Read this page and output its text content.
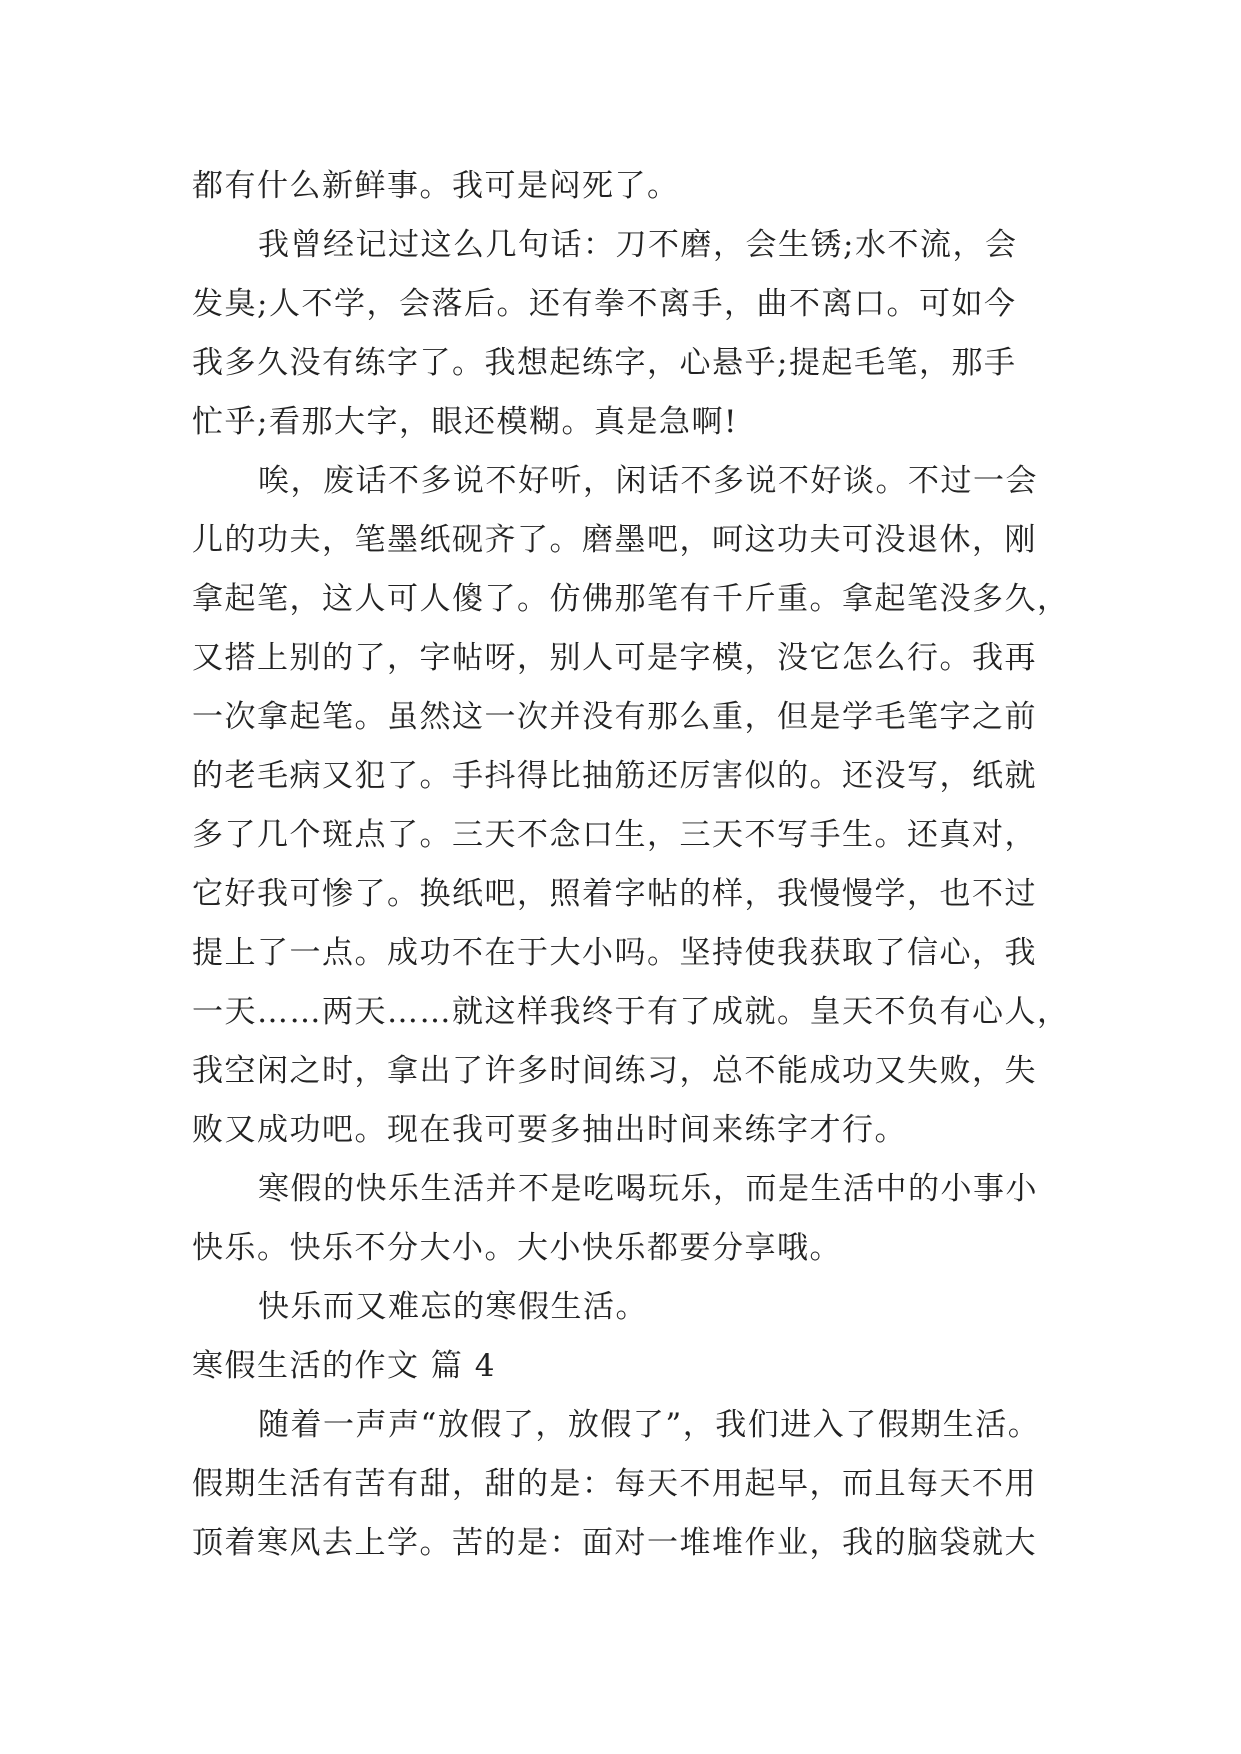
都有什么新鲜事。我可是闷死了。
我曾经记过这么几句话：刀不磨，会生锈;水不流，会
发臭;人不学，会落后。还有拳不离手，曲不离口。可如今
我多久没有练字了。我想起练字，心悬乎;提起毛笔，那手
忙乎;看那大字，眼还模糊。真是急啊!
唉，废话不多说不好听，闲话不多说不好谈。不过一会
儿的功夫，笔墨纸砚齐了。磨墨吧，呵这功夫可没退休，刚
拿起笔，这人可人傻了。仿佛那笔有千斤重。拿起笔没多久，
又搭上别的了，字帖呀，别人可是字模，没它怎么行。我再
一次拿起笔。虽然这一次并没有那么重，但是学毛笔字之前
的老毛病又犯了。手抖得比抽筋还厉害似的。还没写，纸就
多了几个斑点了。三天不念口生，三天不写手生。还真对，
它好我可惨了。换纸吧，照着字帖的样，我慢慢学，也不过
提上了一点。成功不在于大小吗。坚持使我获取了信心，我
一天……两天……就这样我终于有了成就。皇天不负有心人，
我空闲之时，拿出了许多时间练习，总不能成功又失败，失
败又成功吧。现在我可要多抽出时间来练字才行。
寒假的快乐生活并不是吃喝玩乐，而是生活中的小事小
快乐。快乐不分大小。大小快乐都要分享哦。
快乐而又难忘的寒假生活。
寒假生活的作文 篇 4
随着一声声“放假了，放假了”，我们进入了假期生活。
假期生活有苦有甜，甜的是：每天不用起早，而且每天不用
顶着寒风去上学。苦的是：面对一堆堆作业，我的脑袋就大
